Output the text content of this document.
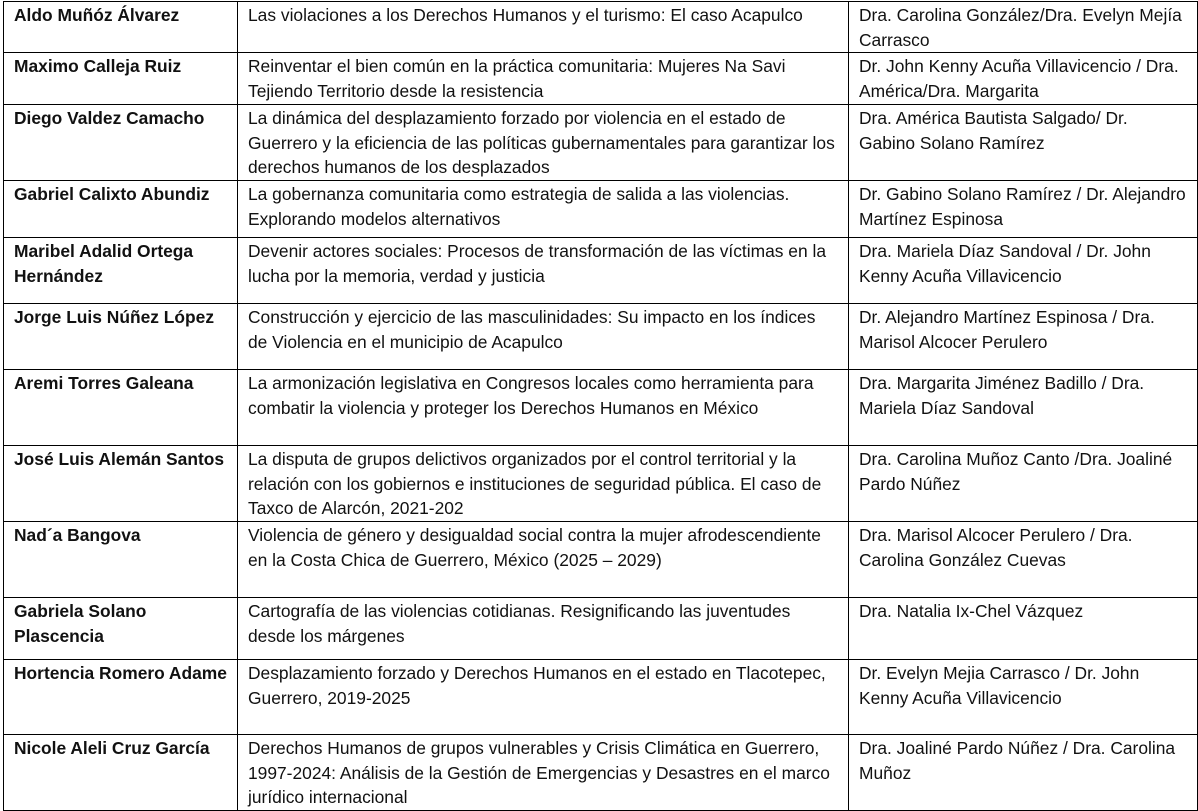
Aldo Muñóz Álvarez	Las violaciones a los Derechos Humanos y el turismo: El caso Acapulco	Dra. Carolina González/Dra. Evelyn Mejía Carrasco
Maximo Calleja Ruiz	Reinventar el bien común en la práctica comunitaria: Mujeres Na Savi Tejiendo Territorio desde la resistencia	Dr. John Kenny Acuña Villavicencio / Dra. América/Dra. Margarita
Diego Valdez Camacho	La dinámica del desplazamiento forzado por violencia en el estado de Guerrero y la eficiencia de las políticas gubernamentales para garantizar los derechos humanos de los desplazados	Dra. América Bautista Salgado/ Dr. Gabino Solano Ramírez
Gabriel Calixto Abundiz	La gobernanza comunitaria como estrategia de salida a las violencias. Explorando modelos alternativos	Dr. Gabino Solano Ramírez / Dr. Alejandro Martínez Espinosa
Maribel Adalid Ortega Hernández	Devenir actores sociales: Procesos de transformación de las víctimas en la lucha por la memoria, verdad y justicia	Dra. Mariela Díaz Sandoval / Dr. John Kenny Acuña Villavicencio
Jorge Luis Núñez López	Construcción y ejercicio de las masculinidades: Su impacto en los índices de Violencia en el municipio de Acapulco	Dr. Alejandro Martínez Espinosa / Dra. Marisol Alcocer Perulero
Aremi Torres Galeana	La armonización legislativa en Congresos locales como herramienta para combatir la violencia y proteger los Derechos Humanos en México	Dra. Margarita Jiménez Badillo / Dra. Mariela Díaz Sandoval
José Luis Alemán Santos	La disputa de grupos delictivos organizados por el control territorial y la relación con los gobiernos e instituciones de seguridad pública. El caso de Taxco de Alarcón, 2021-202	Dra. Carolina Muñoz Canto /Dra. Joaliné Pardo Núñez
Nad´a Bangova	Violencia de género y desigualdad social contra la mujer afrodescendiente en la Costa Chica de Guerrero, México (2025 – 2029)	Dra. Marisol Alcocer Perulero / Dra. Carolina González Cuevas
Gabriela Solano Plascencia	Cartografía de las violencias cotidianas. Resignificando las juventudes desde los márgenes	Dra. Natalia Ix-Chel Vázquez
Hortencia Romero Adame	Desplazamiento forzado y Derechos Humanos en el estado en Tlacotepec, Guerrero, 2019-2025	Dr. Evelyn Mejia Carrasco / Dr. John Kenny Acuña Villavicencio
Nicole Aleli Cruz García	Derechos Humanos de grupos vulnerables y Crisis Climática en Guerrero, 1997-2024: Análisis de la Gestión de Emergencias y Desastres en el marco jurídico internacional	Dra. Joaliné Pardo Núñez / Dra. Carolina Muñoz
